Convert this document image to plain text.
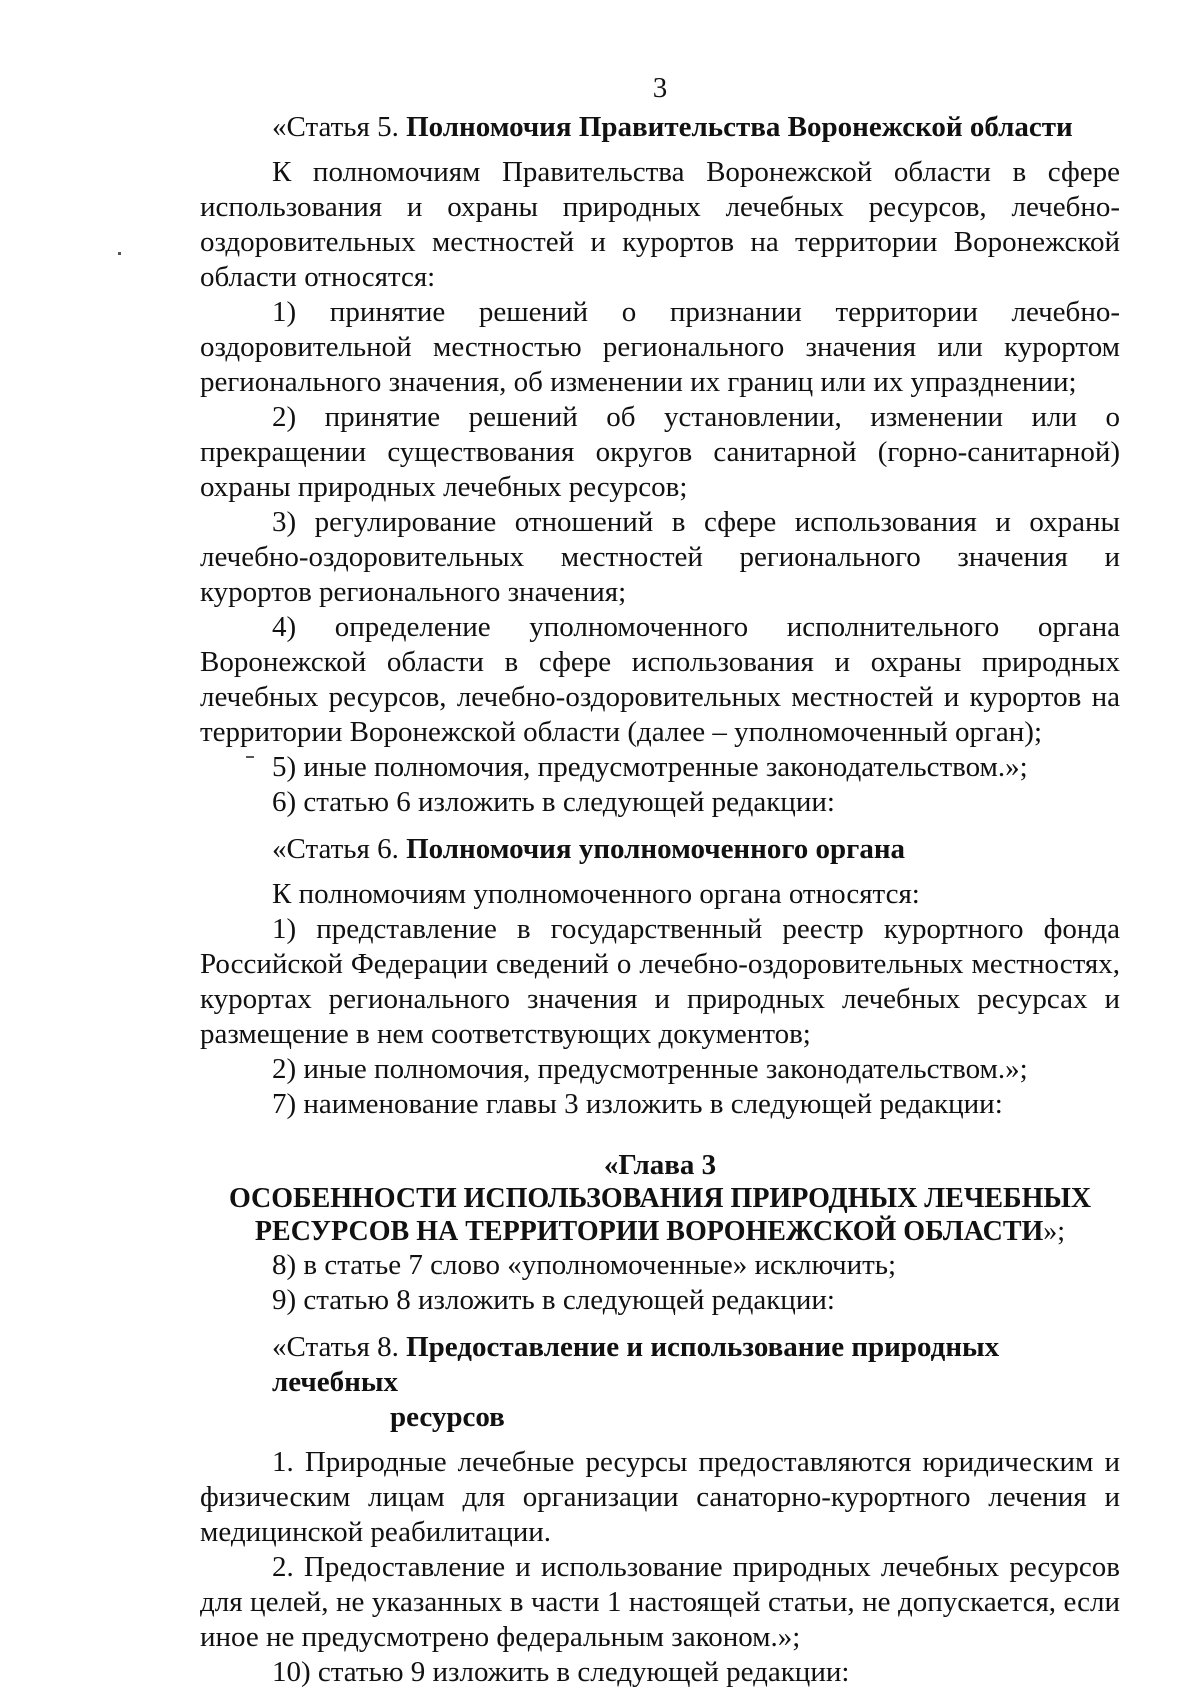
3

«Статья 5. Полномочия Правительства Воронежской области

К полномочиям Правительства Воронежской области в сфере использования и охраны природных лечебных ресурсов, лечебно-оздоровительных местностей и курортов на территории Воронежской области относятся:

1) принятие решений о признании территории лечебно-оздоровительной местностью регионального значения или курортом регионального значения, об изменении их границ или их упразднении;

2) принятие решений об установлении, изменении или о прекращении существования округов санитарной (горно-санитарной) охраны природных лечебных ресурсов;

3) регулирование отношений в сфере использования и охраны лечебно-оздоровительных местностей регионального значения и курортов регионального значения;

4) определение уполномоченного исполнительного органа Воронежской области в сфере использования и охраны природных лечебных ресурсов, лечебно-оздоровительных местностей и курортов на территории Воронежской области (далее – уполномоченный орган);

5) иные полномочия, предусмотренные законодательством.»;

6) статью 6 изложить в следующей редакции:

«Статья 6. Полномочия уполномоченного органа

К полномочиям уполномоченного органа относятся:

1) представление в государственный реестр курортного фонда Российской Федерации сведений о лечебно-оздоровительных местностях, курортах регионального значения и природных лечебных ресурсах и размещение в нем соответствующих документов;

2) иные полномочия, предусмотренные законодательством.»;

7) наименование главы 3 изложить в следующей редакции:

«Глава 3
ОСОБЕННОСТИ ИСПОЛЬЗОВАНИЯ ПРИРОДНЫХ ЛЕЧЕБНЫХ
РЕСУРСОВ НА ТЕРРИТОРИИ ВОРОНЕЖСКОЙ ОБЛАСТИ»;

8) в статье 7 слово «уполномоченные» исключить;

9) статью 8 изложить в следующей редакции:

«Статья 8. Предоставление и использование природных лечебных
ресурсов

1. Природные лечебные ресурсы предоставляются юридическим и физическим лицам для организации санаторно-курортного лечения и медицинской реабилитации.

2. Предоставление и использование природных лечебных ресурсов для целей, не указанных в части 1 настоящей статьи, не допускается, если иное не предусмотрено федеральным законом.»;

10) статью 9 изложить в следующей редакции:
